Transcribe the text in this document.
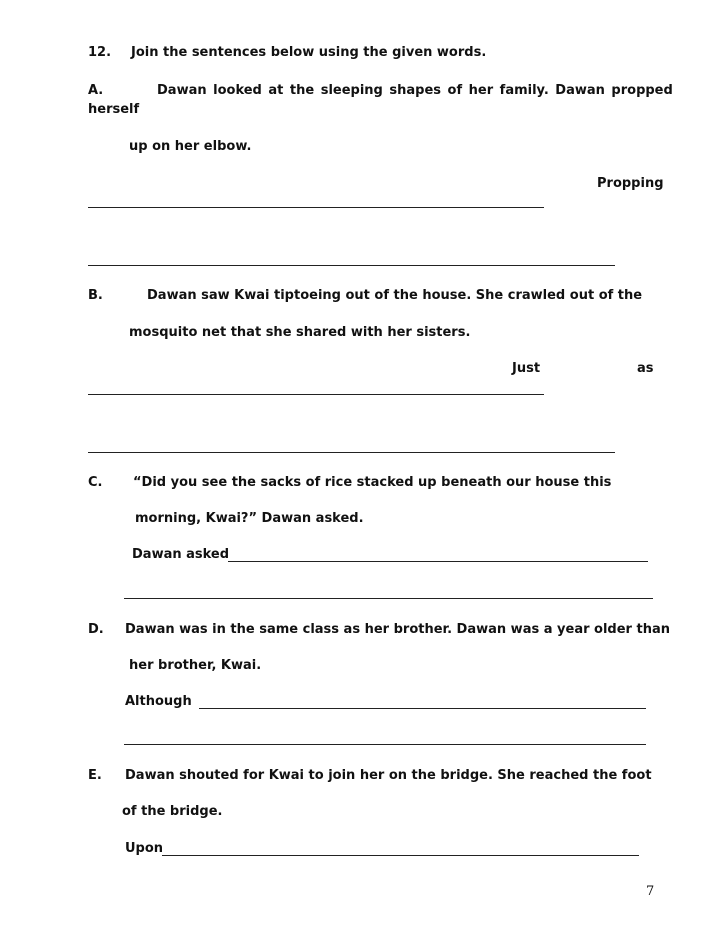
12. Join the sentences below using the given words.
A.	Dawan looked at the sleeping shapes of her family. Dawan propped
herself
up on her elbow.
Propping
B.	Dawan saw Kwai tiptoeing out of the house. She crawled out of the
mosquito net that she shared with her sisters.
Just	as
C. “Did you see the sacks of rice stacked up beneath our house this
morning, Kwai?” Dawan asked.
Dawan asked
D. Dawan was in the same class as her brother. Dawan was a year older than
her brother, Kwai.
Although
E. Dawan shouted for Kwai to join her on the bridge. She reached the foot
of the bridge.
Upon
7
